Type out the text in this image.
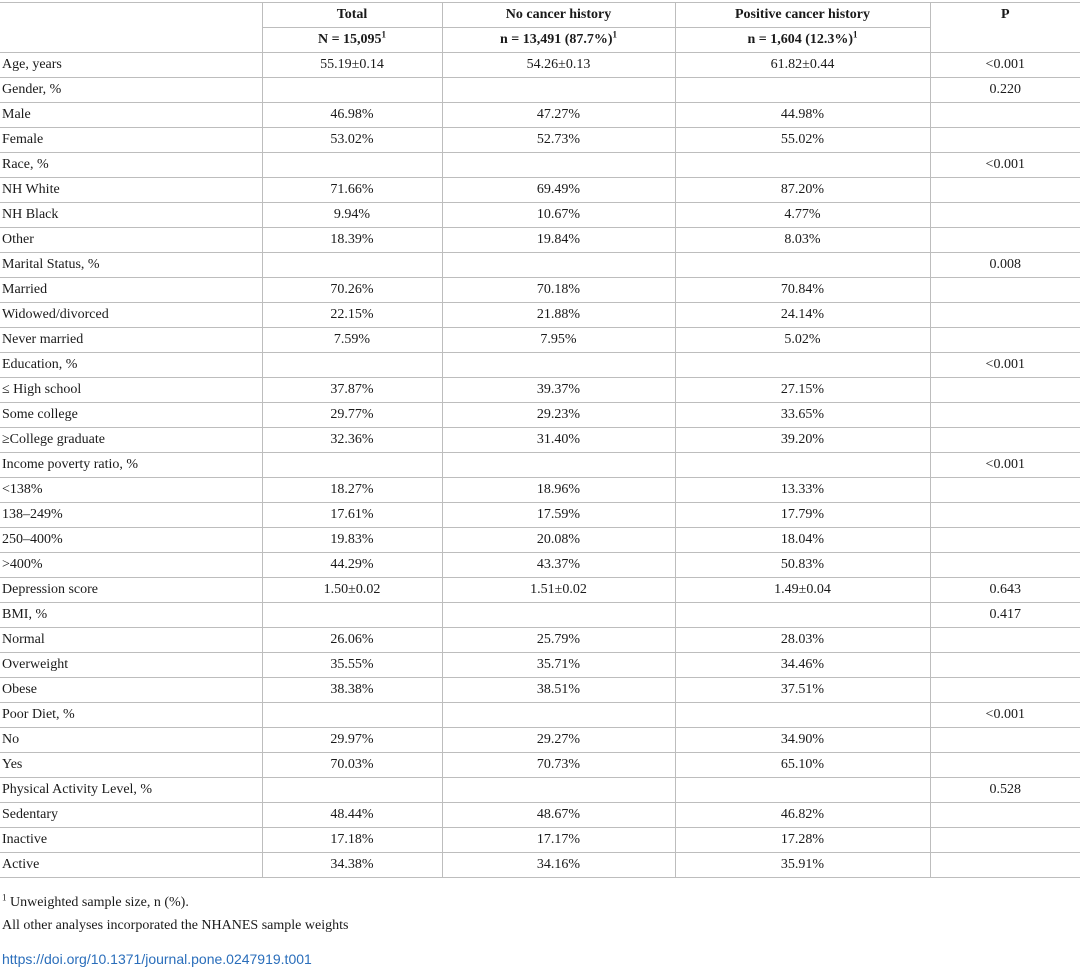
	Total	No cancer history	Positive cancer history	P
	$N = 15,095^1$	n = 13,491 $(87.7\%)^1$	n = 1,604 $(12.3\%)^1$
Age, years	55.19±0.14	54.26±0.13	61.82±0.44	<0.001
Gender, %				0.220
Male	46.98%	47.27%	44.98%	
Female	53.02%	52.73%	55.02%	
Race, %				<0.001
NH White	71.66%	69.49%	87.20%	
NH Black	9.94%	10.67%	4.77%	
Other	18.39%	19.84%	8.03%	
Marital Status, %				0.008
Married	70.26%	70.18%	70.84%	
Widowed/divorced	22.15%	21.88%	24.14%	
Never married	7.59%	7.95%	5.02%	
Education, %				<0.001
≤ High school	37.87%	39.37%	27.15%	
Some college	29.77%	29.23%	33.65%	
≥College graduate	32.36%	31.40%	39.20%	
Income poverty ratio, %				<0.001
<138%	18.27%	18.96%	13.33%	
138–249%	17.61%	17.59%	17.79%	
250–400%	19.83%	20.08%	18.04%	
>400%	44.29%	43.37%	50.83%	
Depression score	1.50±0.02	1.51±0.02	1.49±0.04	0.643
BMI, %				0.417
Normal	26.06%	25.79%	28.03%	
Overweight	35.55%	35.71%	34.46%	
Obese	38.38%	38.51%	37.51%	
Poor Diet, %				<0.001
No	29.97%	29.27%	34.90%	
Yes	70.03%	70.73%	65.10%	
Physical Activity Level, %				0.528
Sedentary	48.44%	48.67%	46.82%	
Inactive	17.18%	17.17%	17.28%	
Active	34.38%	34.16%	35.91%	
$^1$ Unweighted sample size, n (%).
All other analyses incorporated the NHANES sample weights
https://doi.org/10.1371/journal.pone.0247919.t001
